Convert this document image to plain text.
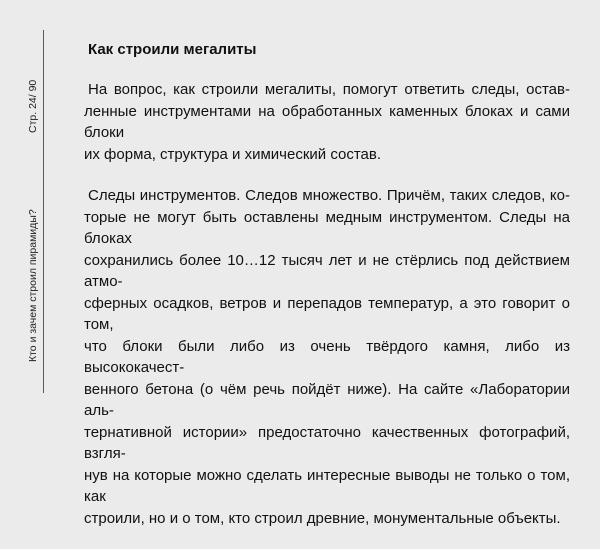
Стр. 24/ 90
Кто и зачем строил пирамиды?
Как строили мегалиты
На вопрос, как строили мегалиты, помогут ответить следы, остав-
ленные инструментами на обработанных каменных блоках и сами блоки
их форма, структура и химический состав.
Следы инструментов. Следов множество. Причём, таких следов, ко-
торые не могут быть оставлены медным инструментом. Следы на блоках
сохранились более 10…12 тысяч лет и не стёрлись под действием атмо-
сферных осадков, ветров и перепадов температур, а это говорит о том,
что блоки были либо из очень твёрдого камня, либо из высококачест-
венного бетона (о чём речь пойдёт ниже). На сайте «Лаборатории аль-
тернативной истории» предостаточно качественных фотографий, взгля-
нув на которые можно сделать интересные выводы не только о том, как
строили, но и о том, кто строил древние, монументальные объекты.
